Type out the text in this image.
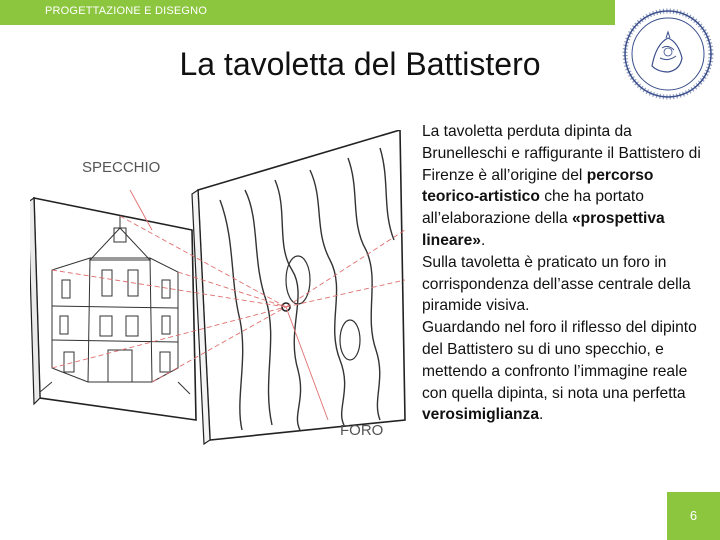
PROGETTAZIONE E DISEGNO
La tavoletta del Battistero
SPECCHIO
FORO
La tavoletta perduta dipinta da Brunelleschi e raffigurante il Battistero di Firenze è all’origine del percorso teorico-artistico che ha portato all’elaborazione della «prospettiva lineare».
Sulla tavoletta è praticato un foro in corrispondenza dell’asse centrale della piramide visiva.
Guardando nel foro il riflesso del dipinto del Battistero su di uno specchio, e mettendo a confronto l’immagine reale con quella dipinta, si nota una perfetta verosimiglianza.
6
